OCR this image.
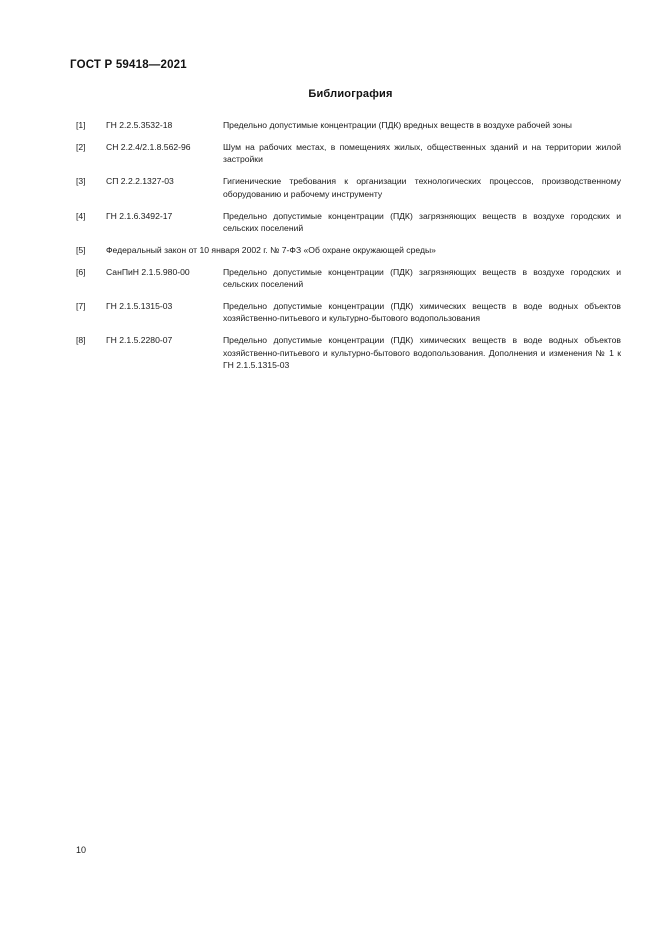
ГОСТ Р 59418—2021
Библиография
[1]	ГН 2.2.5.3532-18	Предельно допустимые концентрации (ПДК) вредных веществ в воздухе рабочей зоны
[2]	СН 2.2.4/2.1.8.562-96	Шум на рабочих местах, в помещениях жилых, общественных зданий и на территории жилой застройки
[3]	СП 2.2.2.1327-03	Гигиенические требования к организации технологических процессов, производственному оборудованию и рабочему инструменту
[4]	ГН 2.1.6.3492-17	Предельно допустимые концентрации (ПДК) загрязняющих веществ в воздухе городских и сельских поселений
[5]	Федеральный закон от 10 января 2002 г. № 7-ФЗ «Об охране окружающей среды»
[6]	СанПиН 2.1.5.980-00	Предельно допустимые концентрации (ПДК) загрязняющих веществ в воздухе городских и сельских поселений
[7]	ГН 2.1.5.1315-03	Предельно допустимые концентрации (ПДК) химических веществ в воде водных объектов хозяйственно-питьевого и культурно-бытового водопользования
[8]	ГН 2.1.5.2280-07	Предельно допустимые концентрации (ПДК) химических веществ в воде водных объектов хозяйственно-питьевого и культурно-бытового водопользования. Дополнения и изменения № 1 к ГН 2.1.5.1315-03
10
